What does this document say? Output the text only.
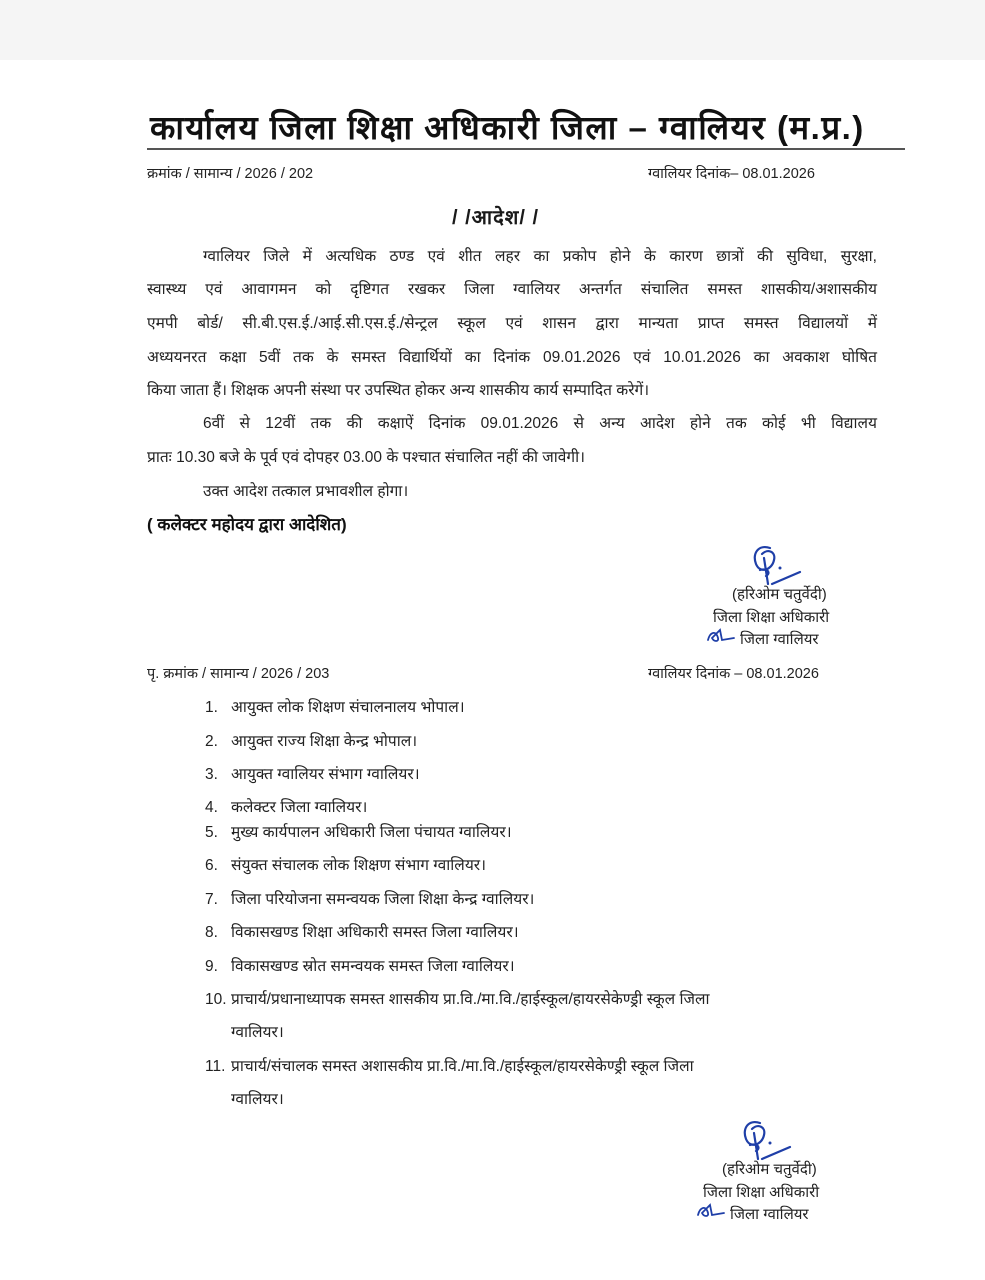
कार्यालय जिला शिक्षा अधिकारी जिला – ग्वालियर (म.प्र.)
क्रमांक / सामान्य / 2026 / 202	ग्वालियर दिनांक– 08.01.2026
/ /आदेश/ /
ग्वालियर जिले में अत्यधिक ठण्ड एवं शीत लहर का प्रकोप होने के कारण छात्रों की सुविधा, सुरक्षा,
स्वास्थ्य एवं आवागमन को दृष्टिगत रखकर जिला ग्वालियर अन्तर्गत संचालित समस्त शासकीय/अशासकीय
एमपी बोर्ड/ सी.बी.एस.ई./आई.सी.एस.ई./सेन्ट्रल स्कूल एवं शासन द्वारा मान्यता प्राप्त समस्त विद्यालयों में
अध्ययनरत कक्षा 5वीं तक के समस्त विद्यार्थियों का दिनांक 09.01.2026 एवं 10.01.2026 का अवकाश घोषित
किया जाता हैं। शिक्षक अपनी संस्था पर उपस्थित होकर अन्य शासकीय कार्य सम्पादित करेगें।
6वीं से 12वीं तक की कक्षाऐं दिनांक 09.01.2026 से अन्य आदेश होने तक कोई भी विद्यालय
प्रातः 10.30 बजे के पूर्व एवं दोपहर 03.00 के पश्चात संचालित नहीं की जावेगी।
उक्त आदेश तत्काल प्रभावशील होगा।
( कलेक्टर महोदय द्वारा आदेशित)
(हरिओम चतुर्वेदी)
जिला शिक्षा अधिकारी
जिला ग्वालियर
पृ. क्रमांक / सामान्य / 2026 / 203	ग्वालियर दिनांक – 08.01.2026
1. आयुक्त लोक शिक्षण संचालनालय भोपाल।
2. आयुक्त राज्य शिक्षा केन्द्र भोपाल।
3. आयुक्त ग्वालियर संभाग ग्वालियर।
4. कलेक्टर जिला ग्वालियर।
5. मुख्य कार्यपालन अधिकारी जिला पंचायत ग्वालियर।
6. संयुक्त संचालक लोक शिक्षण संभाग ग्वालियर।
7. जिला परियोजना समन्वयक जिला शिक्षा केन्द्र ग्वालियर।
8. विकासखण्ड शिक्षा अधिकारी समस्त जिला ग्वालियर।
9. विकासखण्ड स्रोत समन्वयक समस्त जिला ग्वालियर।
10. प्राचार्य/प्रधानाध्यापक समस्त शासकीय प्रा.वि./मा.वि./हाईस्कूल/हायरसेकेण्ड्री स्कूल जिला
ग्वालियर।
11. प्राचार्य/संचालक समस्त अशासकीय प्रा.वि./मा.वि./हाईस्कूल/हायरसेकेण्ड्री स्कूल जिला
ग्वालियर।
(हरिओम चतुर्वेदी)
जिला शिक्षा अधिकारी
जिला ग्वालियर
